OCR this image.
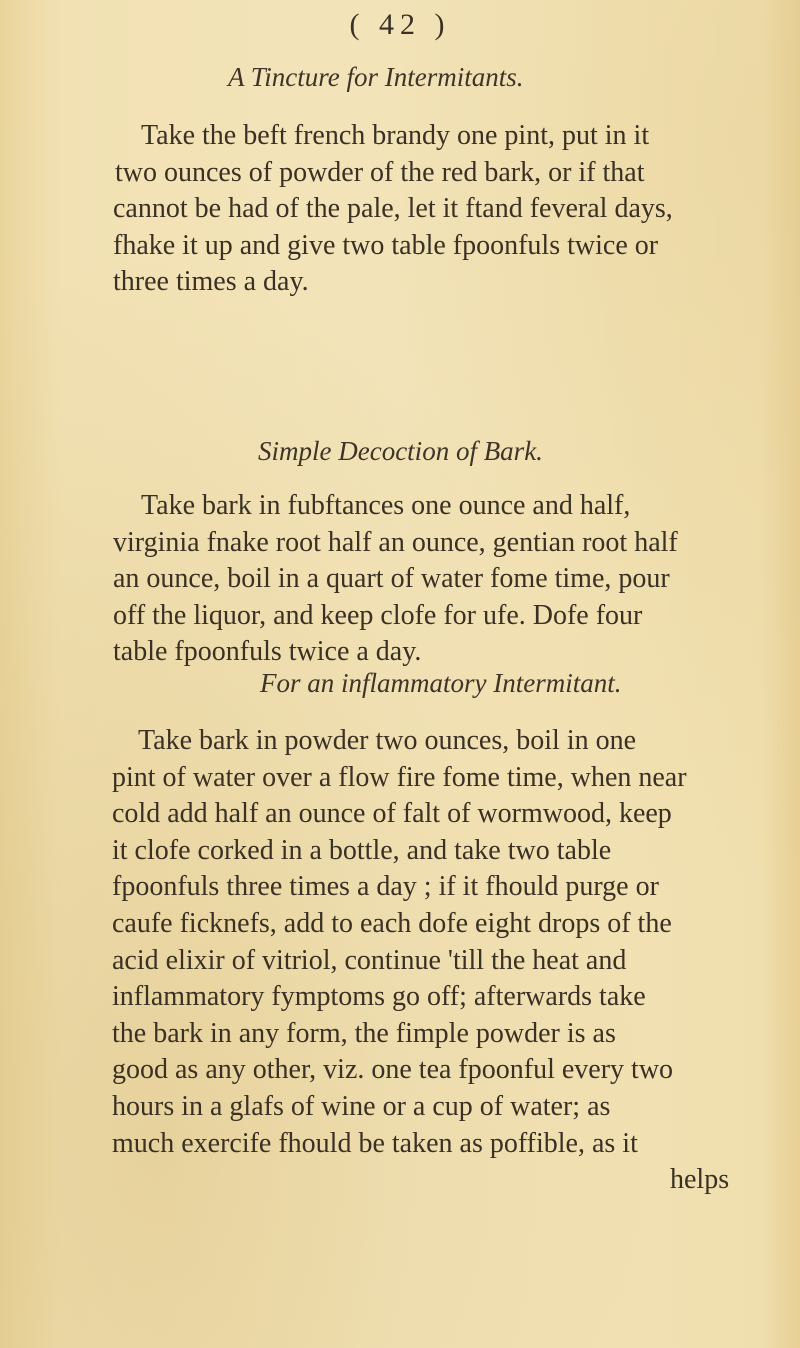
( 42 )
A Tincture for Intermitants.
Take the beft french brandy one pint, put in it
two ounces of powder of the red bark, or if that
cannot be had of the pale, let it ftand feveral days,
fhake it up and give two table fpoonfuls twice or
three times a day.
Simple Decoction of Bark.
Take bark in fubftances one ounce and half,
virginia fnake root half an ounce, gentian root half
an ounce, boil in a quart of water fome time, pour
off the liquor, and keep clofe for ufe. Dofe four
table fpoonfuls twice a day.
For an inflammatory Intermitant.
Take bark in powder two ounces, boil in one
pint of water over a flow fire fome time, when near
cold add half an ounce of falt of wormwood, keep
it clofe corked in a bottle, and take two table
fpoonfuls three times a day ; if it fhould purge or
caufe ficknefs, add to each dofe eight drops of the
acid elixir of vitriol, continue 'till the heat and
inflammatory fymptoms go off; afterwards take
the bark in any form, the fimple powder is as
good as any other, viz. one tea fpoonful every two
hours in a glafs of wine or a cup of water; as
much exercife fhould be taken as poffible, as it
helps
